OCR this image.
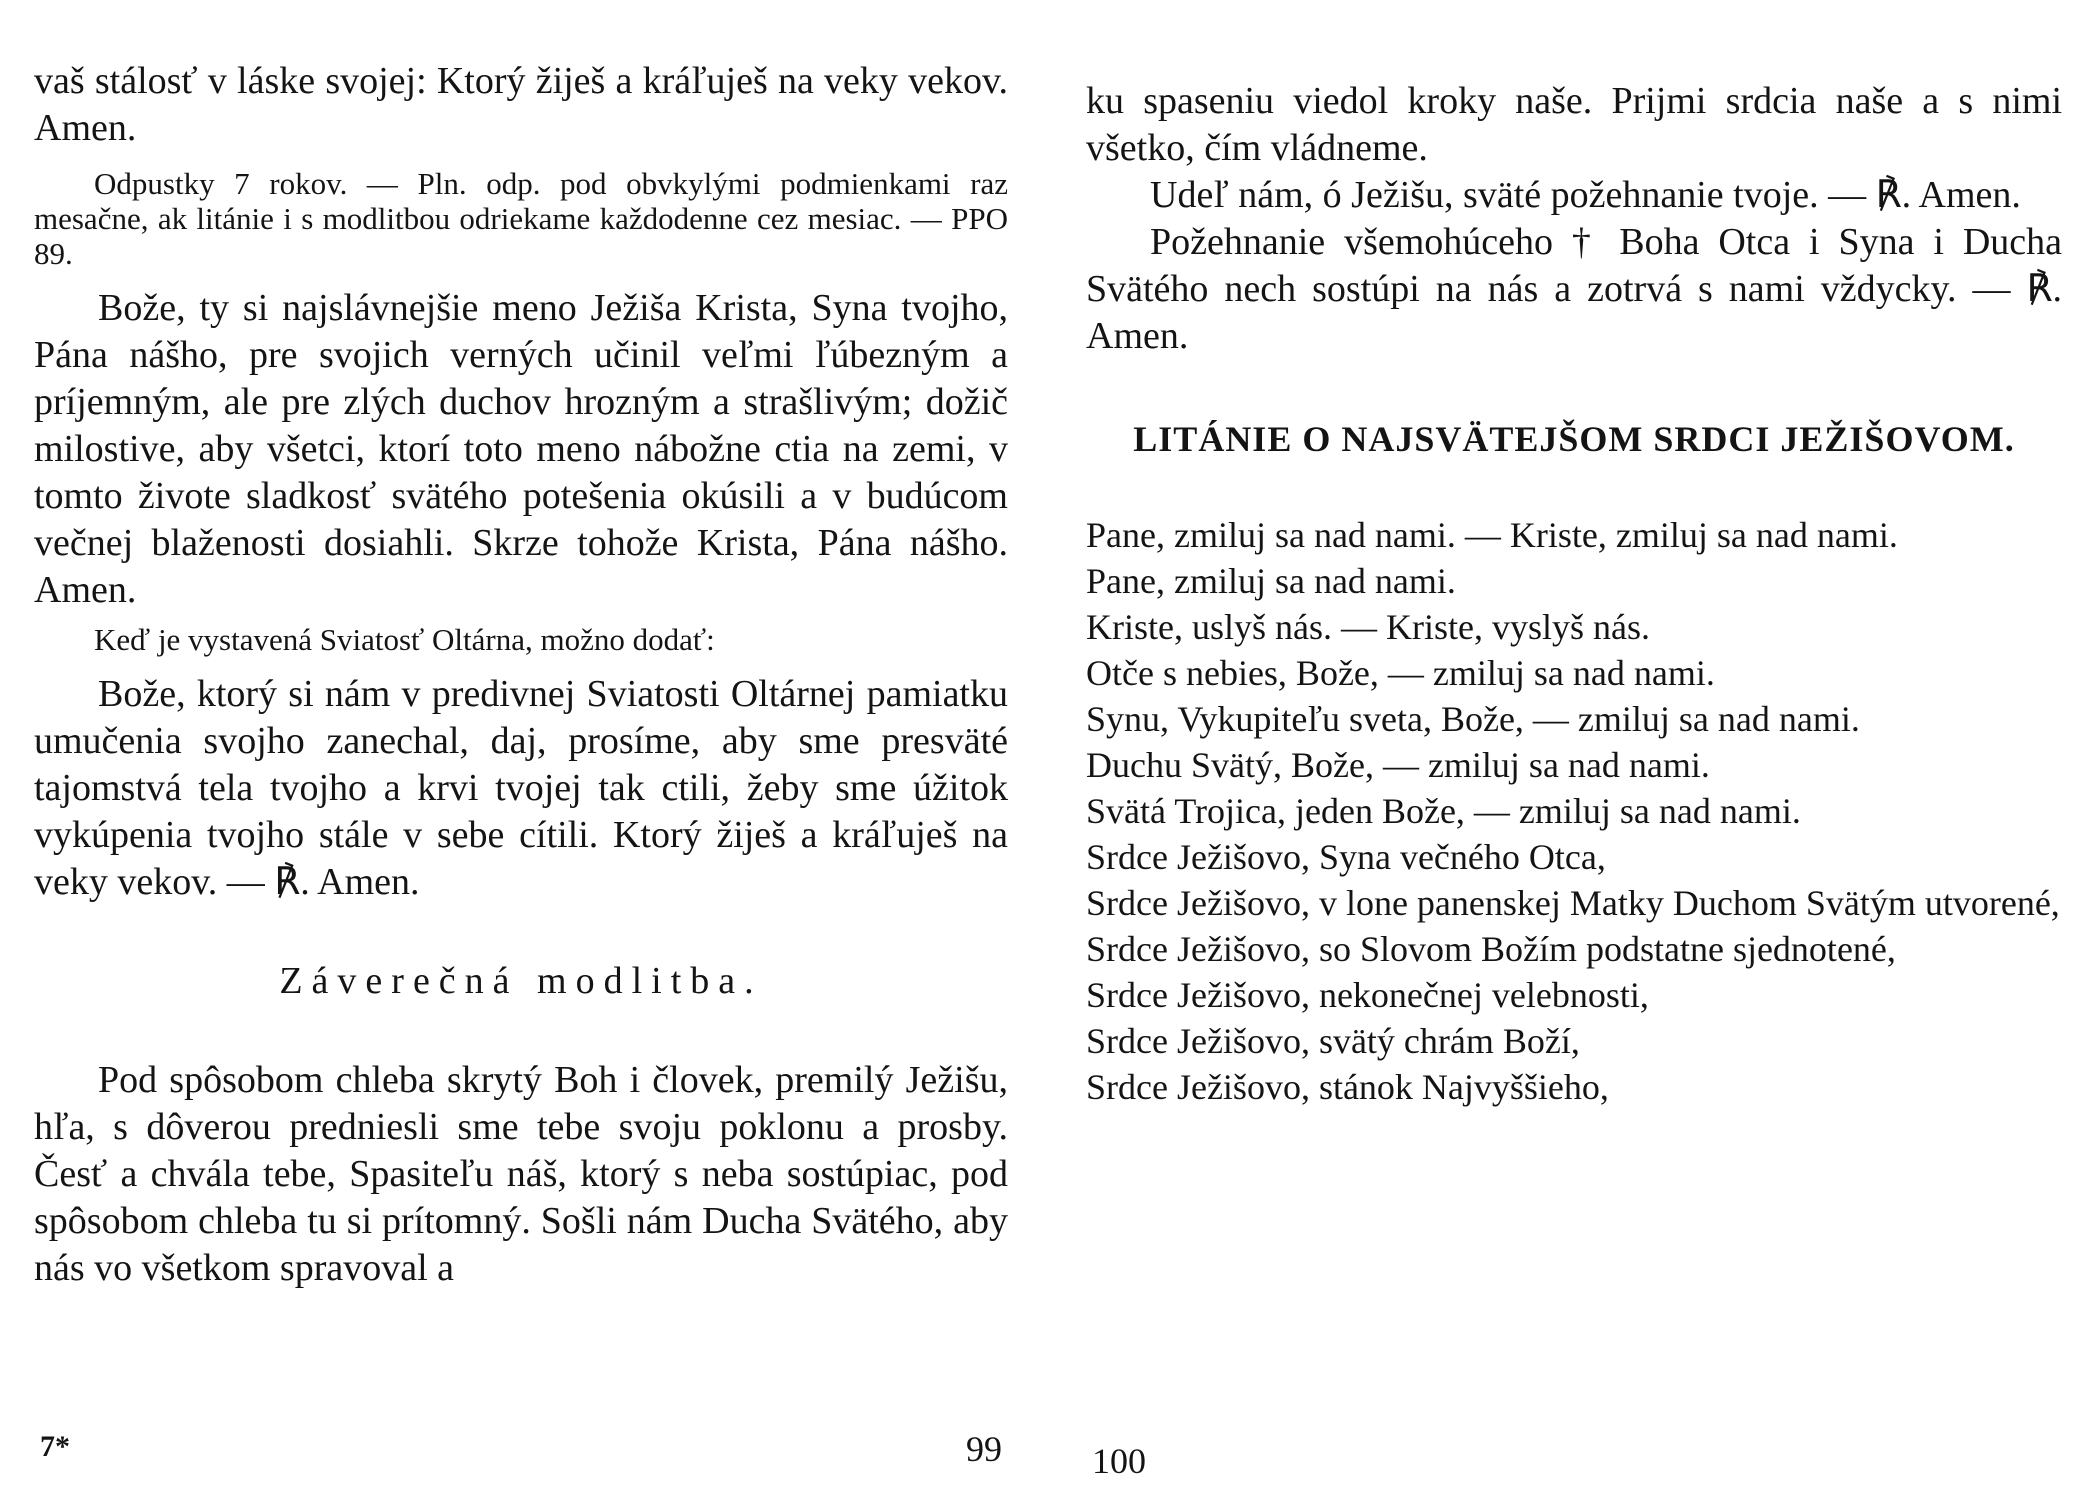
vaš stálosť v láske svojej: Ktorý žiješ a kráľuješ na veky vekov. Amen.

Odpustky 7 rokov. — Pln. odp. pod obvkylými podmienkami raz mesačne, ak litánie i s modlitbou odriekame každodenne cez mesiac. — PPO 89.

Bože, ty si najslávnejšie meno Ježiša Krista, Syna tvojho, Pána nášho, pre svojich verných učinil veľmi ľúbezným a príjemným, ale pre zlých duchov hrozným a strašlivým; dožič milostive, aby všetci, ktorí toto meno nábožne ctia na zemi, v tomto živote sladkosť svätého potešenia okúsili a v budúcom večnej blaženosti dosiahli. Skrze tohože Krista, Pána nášho. Amen.

Keď je vystavená Sviatosť Oltárna, možno dodať:

Bože, ktorý si nám v predivnej Sviatosti Oltárnej pamiatku umučenia svojho zanechal, daj, prosíme, aby sme presväté tajomstvá tela tvojho a krvi tvojej tak ctili, žeby sme úžitok vykúpenia tvojho stále v sebe cítili. Ktorý žiješ a kráľuješ na veky vekov. — ℟. Amen.

Záverečná modlitba.

Pod spôsobom chleba skrytý Boh i človek, premilý Ježišu, hľa, s dôverou predniesli sme tebe svoju poklonu a prosby. Česť a chvála tebe, Spasiteľu náš, ktorý s neba sostúpiac, pod spôsobom chleba tu si prítomný. Sošli nám Ducha Svätého, aby nás vo všetkom spravoval a

7*	99

ku spaseniu viedol kroky naše. Prijmi srdcia naše a s nimi všetko, čím vládneme.

Udeľ nám, ó Ježišu, sväté požehnanie tvoje. — ℟. Amen.

Požehnanie všemohúceho † Boha Otca i Syna i Ducha Svätého nech sostúpi na nás a zotrvá s nami vždycky. — ℟. Amen.

LITÁNIE O NAJSVÄTEJŠOM SRDCI JEŽIŠOVOM.

Pane, zmiluj sa nad nami. — Kriste, zmiluj sa nad nami.

Pane, zmiluj sa nad nami.

Kriste, uslyš nás. — Kriste, vyslyš nás.

Otče s nebies, Bože, — zmiluj sa nad nami.

Synu, Vykupiteľu sveta, Bože, — zmiluj sa nad nami.

Duchu Svätý, Bože, — zmiluj sa nad nami.

Svätá Trojica, jeden Bože, — zmiluj sa nad nami.

Srdce Ježišovo, Syna večného Otca,

Srdce Ježišovo, v lone panenskej Matky Duchom Svätým utvorené,

Srdce Ježišovo, so Slovom Božím podstatne sjednotené,

Srdce Ježišovo, nekonečnej velebnosti,

Srdce Ježišovo, svätý chrám Boží,

Srdce Ježišovo, stánok Najvyššieho,

100
